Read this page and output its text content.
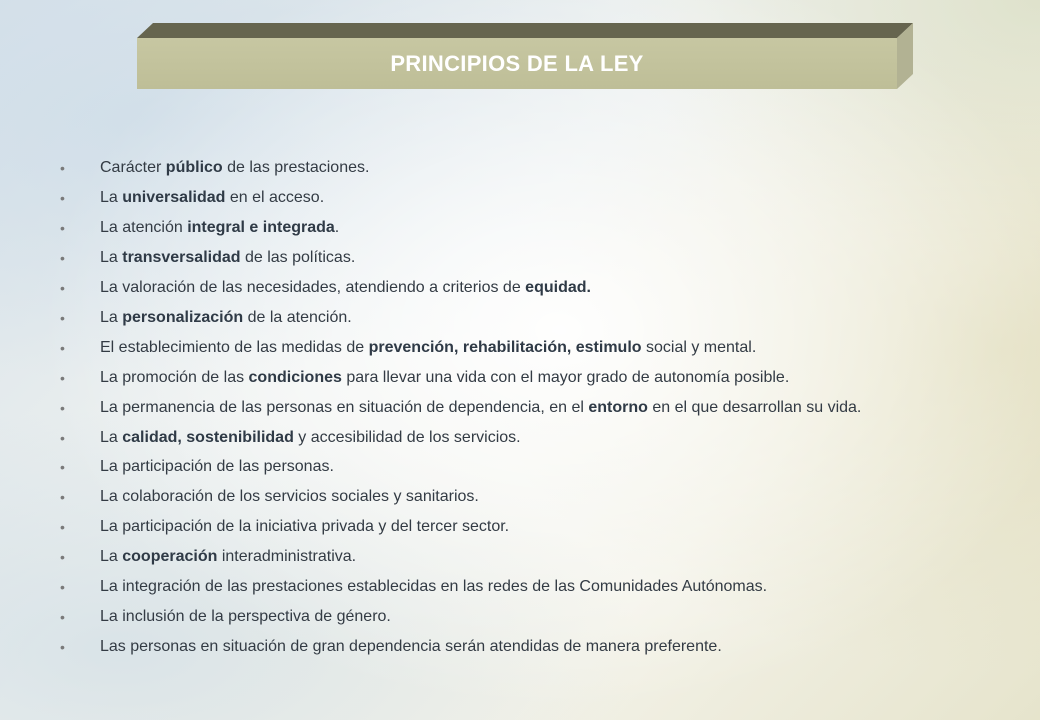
PRINCIPIOS DE LA LEY
• Carácter público de las prestaciones.
• La universalidad en el acceso.
• La atención integral e integrada.
• La transversalidad de las políticas.
• La valoración de las necesidades, atendiendo a criterios de equidad.
• La personalización de la atención.
• El establecimiento de las medidas de prevención, rehabilitación, estimulo social y mental.
• La promoción de las condiciones para llevar una vida con el mayor grado de autonomía posible.
• La permanencia de las personas en situación de dependencia, en el entorno en el que desarrollan su vida.
• La calidad, sostenibilidad y accesibilidad de los servicios.
• La participación de las personas.
• La colaboración de los servicios sociales y sanitarios.
• La participación de la iniciativa privada y del tercer sector.
• La cooperación interadministrativa.
• La integración de las prestaciones establecidas en las redes de las Comunidades Autónomas.
• La inclusión de la perspectiva de género.
• Las personas en situación de gran dependencia serán atendidas de manera preferente.
